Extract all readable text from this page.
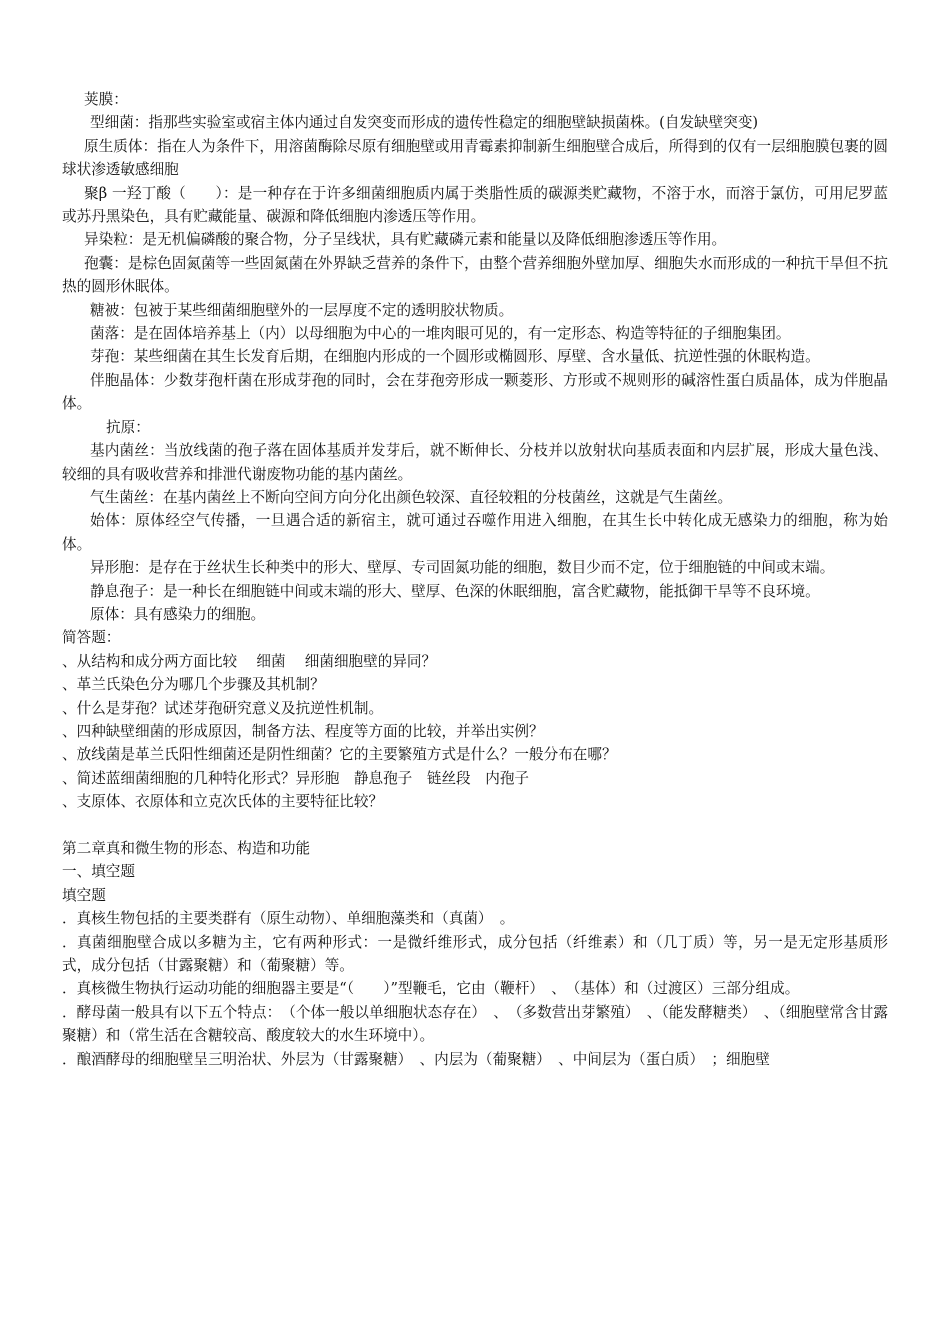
荚膜：

型细菌：指那些实验室或宿主体内通过自发突变而形成的遗传性稳定的细胞壁缺损菌株。(自发缺壁突变)

原生质体：指在人为条件下，用溶菌酶除尽原有细胞壁或用青霉素抑制新生细胞壁合成后，所得到的仅有一层细胞膜包裹的圆球状渗透敏感细胞

聚β 一羟丁酸（　　）：是一种存在于许多细菌细胞质内属于类脂性质的碳源类贮藏物，不溶于水，而溶于氯仿，可用尼罗蓝或苏丹黑染色，具有贮藏能量、碳源和降低细胞内渗透压等作用。

异染粒：是无机偏磷酸的聚合物，分子呈线状，具有贮藏磷元素和能量以及降低细胞渗透压等作用。

孢囊：是棕色固氮菌等一些固氮菌在外界缺乏营养的条件下，由整个营养细胞外壁加厚、细胞失水而形成的一种抗干旱但不抗热的圆形休眠体。

糖被：包被于某些细菌细胞壁外的一层厚度不定的透明胶状物质。

菌落：是在固体培养基上（内）以母细胞为中心的一堆肉眼可见的，有一定形态、构造等特征的子细胞集团。

芽孢：某些细菌在其生长发育后期，在细胞内形成的一个圆形或椭圆形、厚壁、含水量低、抗逆性强的休眠构造。

伴胞晶体：少数芽孢杆菌在形成芽孢的同时，会在芽孢旁形成一颗菱形、方形或不规则形的碱溶性蛋白质晶体，成为伴胞晶体。

抗原：

基内菌丝：当放线菌的孢子落在固体基质并发芽后，就不断伸长、分枝并以放射状向基质表面和内层扩展，形成大量色浅、较细的具有吸收营养和排泄代谢废物功能的基内菌丝。

气生菌丝：在基内菌丝上不断向空间方向分化出颜色较深、直径较粗的分枝菌丝，这就是气生菌丝。

始体：原体经空气传播，一旦遇合适的新宿主，就可通过吞噬作用进入细胞，在其生长中转化成无感染力的细胞，称为始体。

异形胞：是存在于丝状生长种类中的形大、壁厚、专司固氮功能的细胞，数目少而不定，位于细胞链的中间或末端。

静息孢子：是一种长在细胞链中间或末端的形大、壁厚、色深的休眠细胞，富含贮藏物，能抵御干旱等不良环境。

原体：具有感染力的细胞。

简答题：

、从结构和成分两方面比较　 细菌　 细菌细胞壁的异同？

、革兰氏染色分为哪几个步骤及其机制？

、什么是芽孢？试述芽孢研究意义及抗逆性机制。

、四种缺壁细菌的形成原因，制备方法、程度等方面的比较，并举出实例？

、放线菌是革兰氏阳性细菌还是阴性细菌？它的主要繁殖方式是什么？一般分布在哪？

、简述蓝细菌细胞的几种特化形式？异形胞　静息孢子　链丝段　内孢子

、支原体、衣原体和立克次氏体的主要特征比较？

第二章真和微生物的形态、构造和功能

一、填空题

填空题

．真核生物包括的主要类群有（原生动物）、单细胞藻类和（真菌）　。

．真菌细胞壁合成以多糖为主，它有两种形式：一是微纤维形式，成分包括（纤维素）和（几丁质）等，另一是无定形基质形式，成分包括（甘露聚糖）和（葡聚糖）等。

．真核微生物执行运动功能的细胞器主要是“（　　）”型鞭毛，它由（鞭杆）　、　（基体）和（过渡区）三部分组成。

．酵母菌一般具有以下五个特点：　（个体一般以单细胞状态存在）　、　（多数营出芽繁殖）　、（能发酵糖类）　、（细胞壁常含甘露聚糖）和（常生活在含糖较高、酸度较大的水生环境中）。

．酿酒酵母的细胞壁呈三明治状、外层为（甘露聚糖）　、内层为（葡聚糖）　、中间层为（蛋白质）　；细胞壁
